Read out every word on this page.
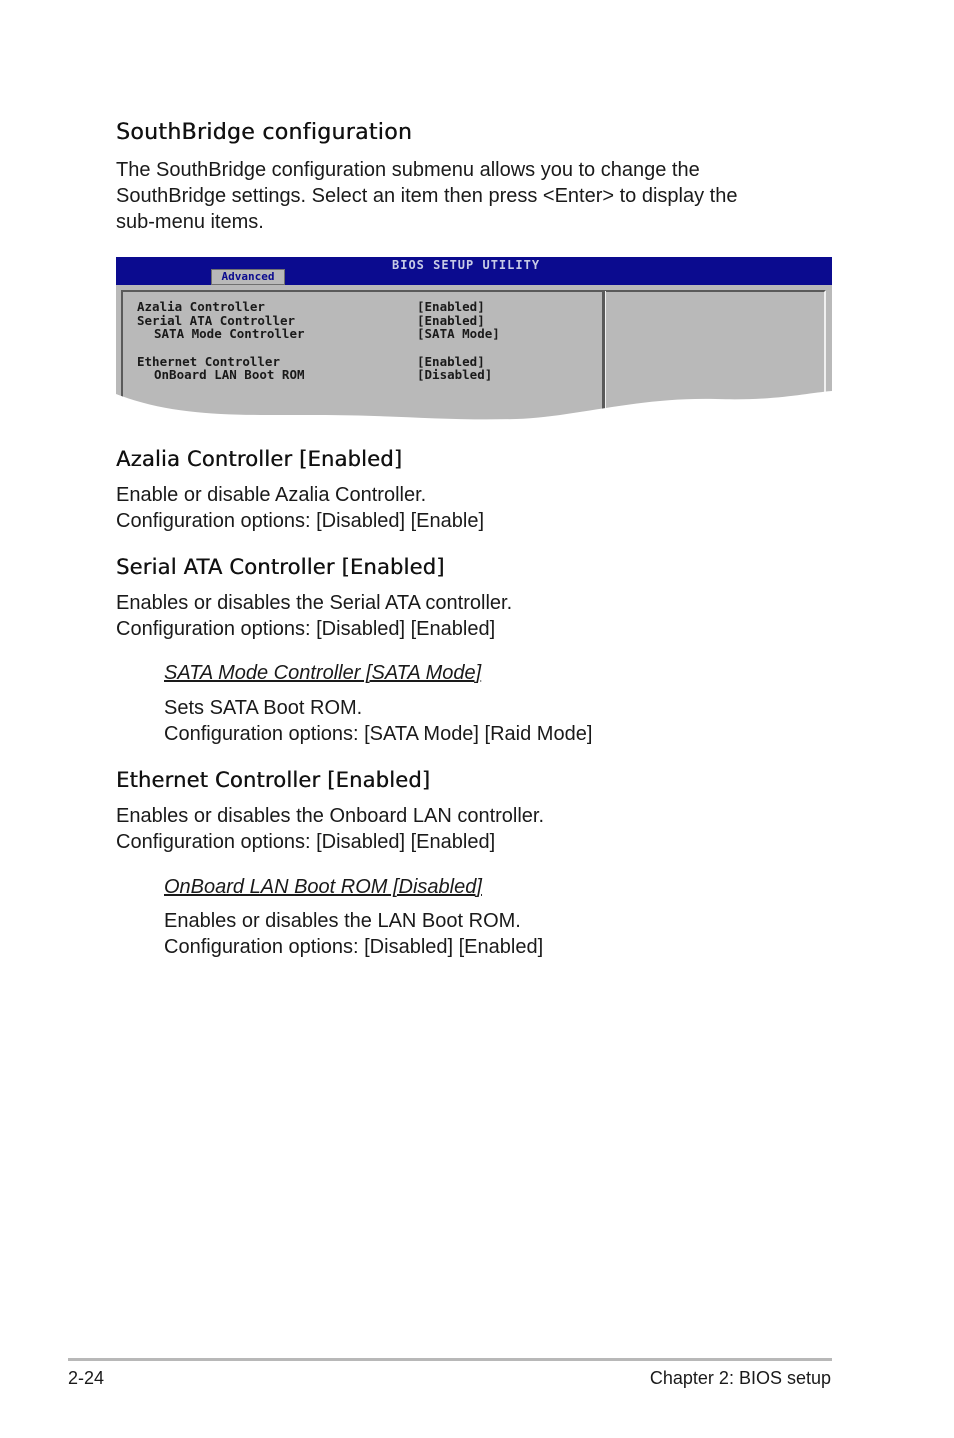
SouthBridge configuration
The SouthBridge configuration submenu allows you to change the
SouthBridge settings. Select an item then press <Enter> to display the
sub-menu items.
BIOS SETUP UTILITY
Advanced
Azalia Controller	[Enabled]
Serial ATA Controller	[Enabled]
SATA Mode Controller	[SATA Mode]
Ethernet Controller	[Enabled]
OnBoard LAN Boot ROM	[Disabled]
Azalia Controller [Enabled]
Enable or disable Azalia Controller.
Configuration options: [Disabled] [Enable]
Serial ATA Controller [Enabled]
Enables or disables the Serial ATA controller.
Configuration options: [Disabled] [Enabled]
SATA Mode Controller [SATA Mode]
Sets SATA Boot ROM.
Configuration options: [SATA Mode] [Raid Mode]
Ethernet Controller [Enabled]
Enables or disables the Onboard LAN controller.
Configuration options: [Disabled] [Enabled]
OnBoard LAN Boot ROM [Disabled]
Enables or disables the LAN Boot ROM.
Configuration options: [Disabled] [Enabled]
2-24	Chapter 2: BIOS setup
